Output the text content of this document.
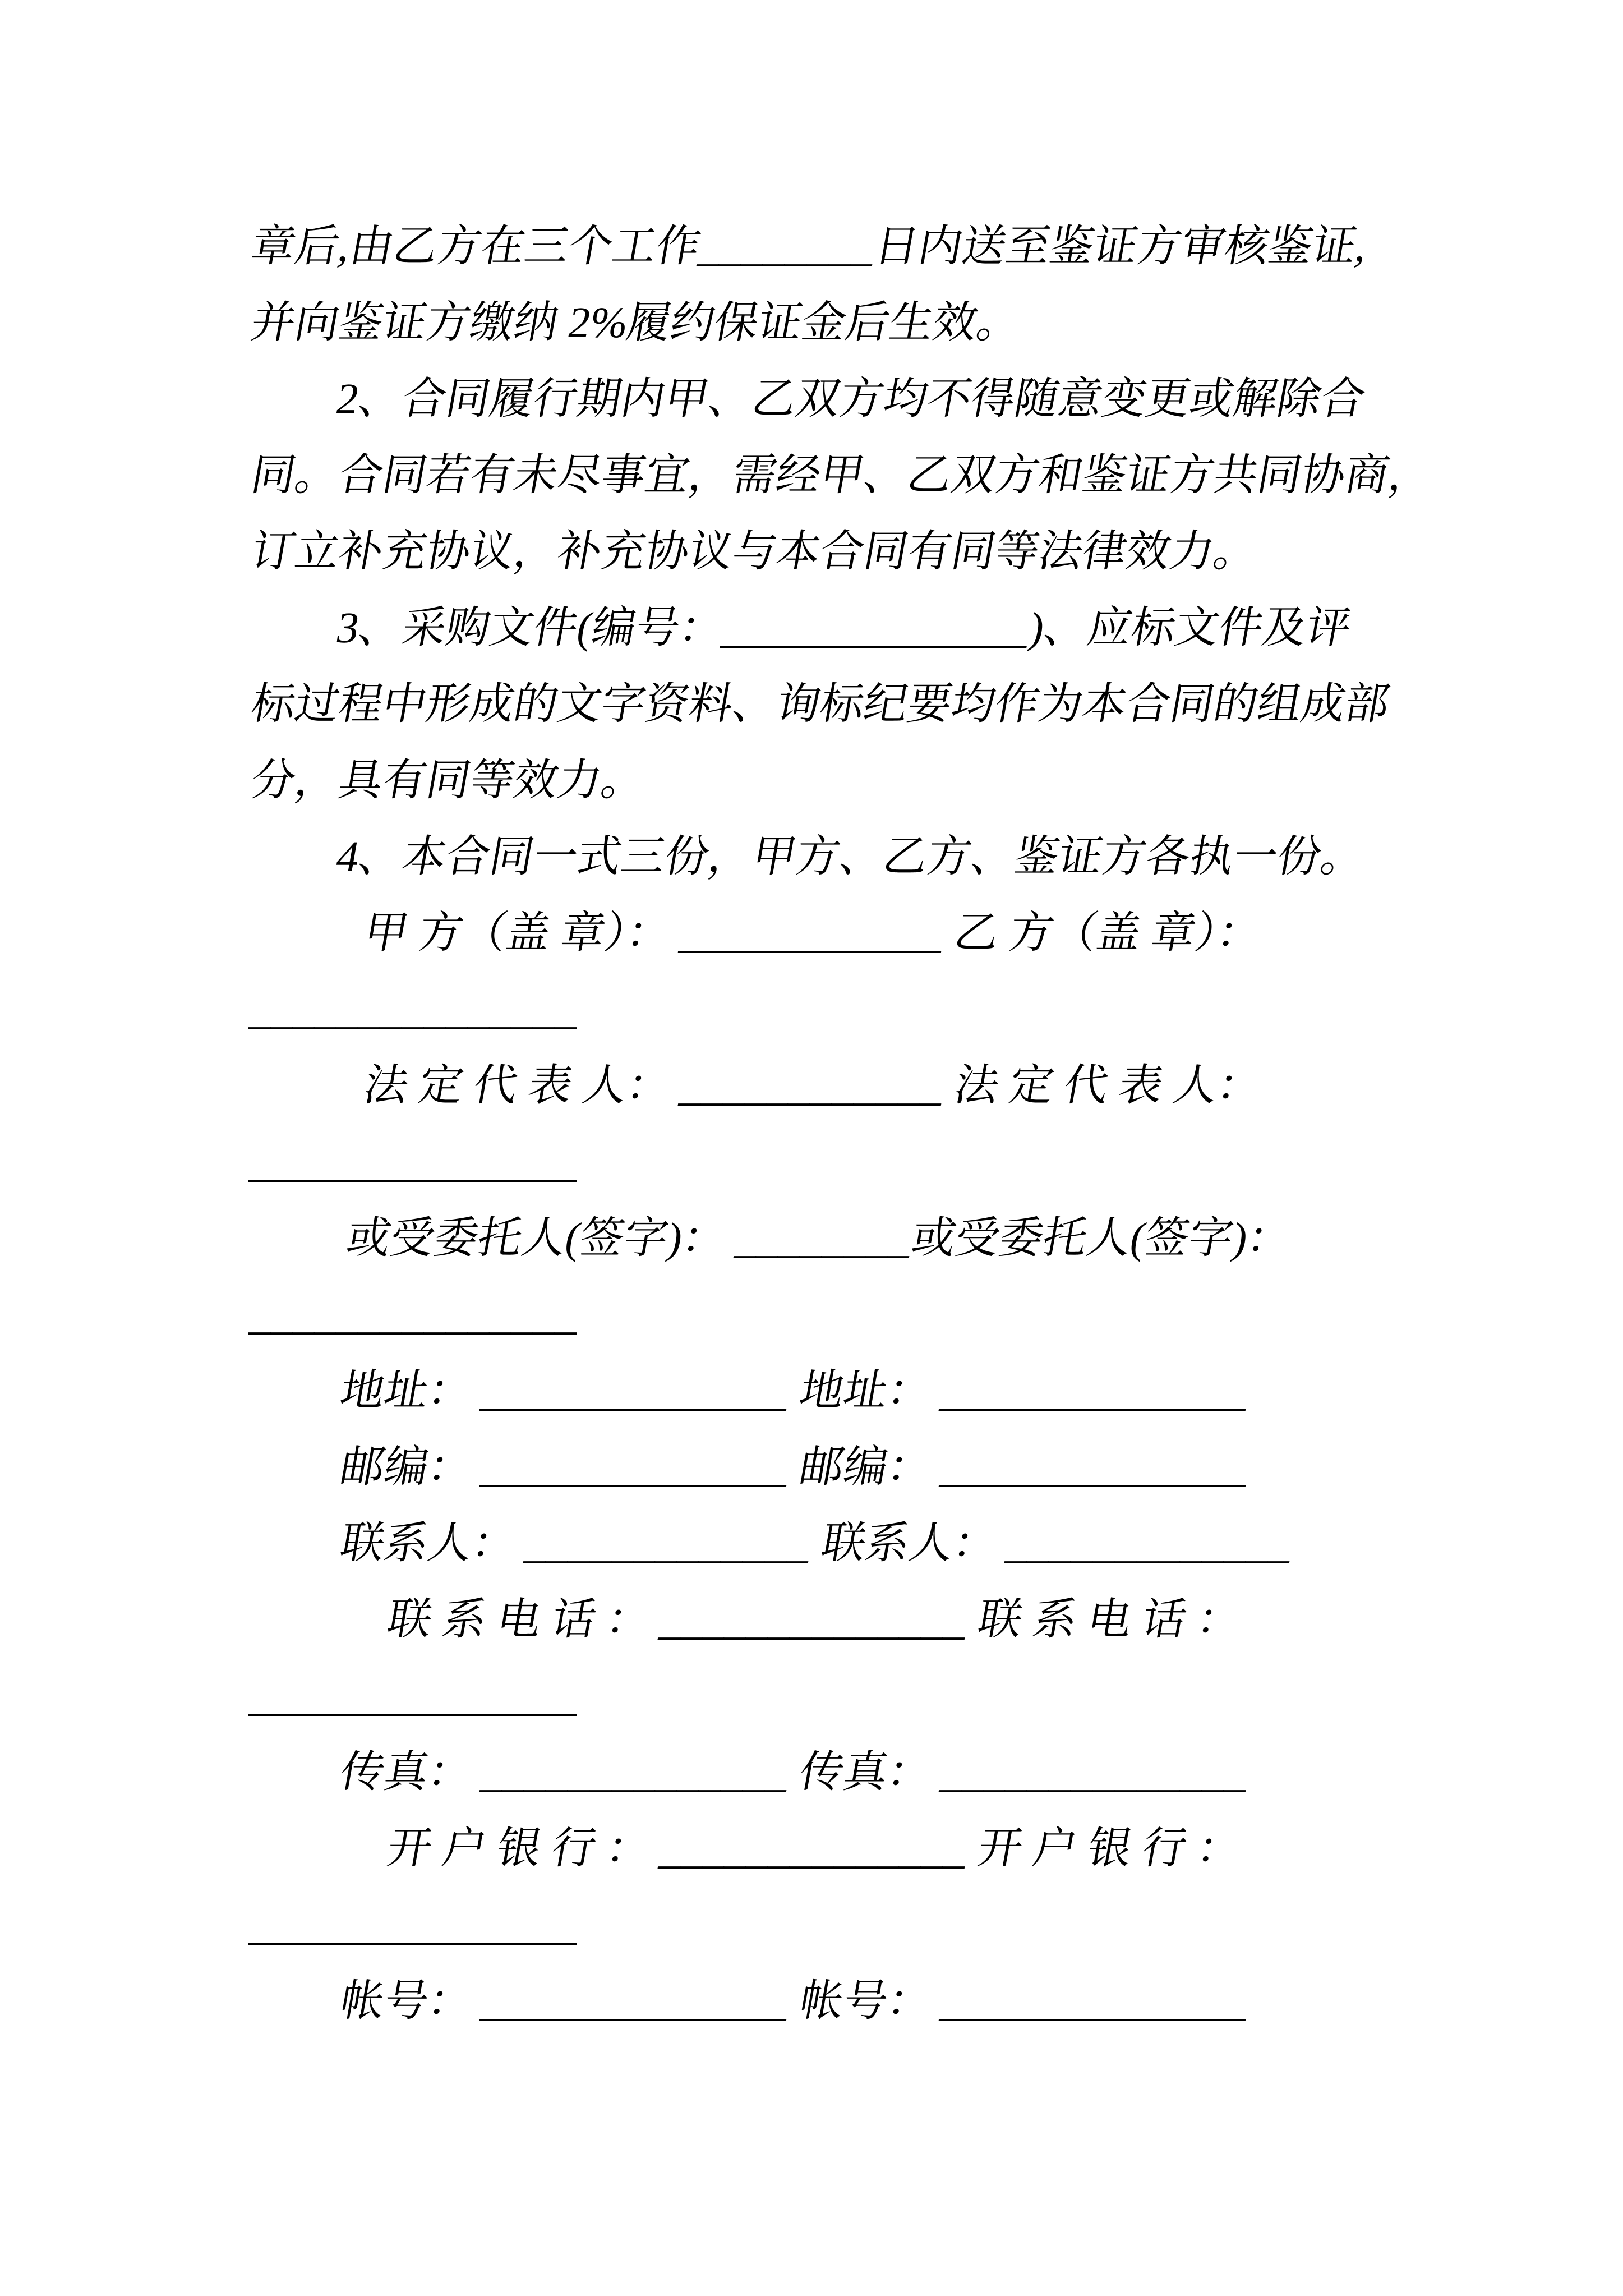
章后,由乙方在三个工作________日内送至鉴证方审核鉴证,
并向鉴证方缴纳 2%履约保证金后生效。
2、合同履行期内甲、乙双方均不得随意变更或解除合
同。合同若有未尽事宜，需经甲、乙双方和鉴证方共同协商，
订立补充协议，补充协议与本合同有同等法律效力。
3、采购文件(编号：______________)、应标文件及评
标过程中形成的文字资料、询标纪要均作为本合同的组成部
分，具有同等效力。
4、本合同一式三份，甲方、乙方、鉴证方各执一份。
甲 方（盖 章）： ____________ 乙 方（盖 章）：
_______________
法 定 代 表 人： ____________ 法 定 代 表 人：
_______________
或受委托人(签字)： ________或受委托人(签字)：
_______________
地址： ______________ 地址： ______________
邮编： ______________ 邮编： ______________
联系人： _____________ 联系人： _____________
联 系 电 话 ： ______________ 联 系 电 话 ：
_______________
传真： ______________ 传真： ______________
开 户 银 行 ： ______________ 开 户 银 行 ：
_______________
帐号： ______________ 帐号： ______________
